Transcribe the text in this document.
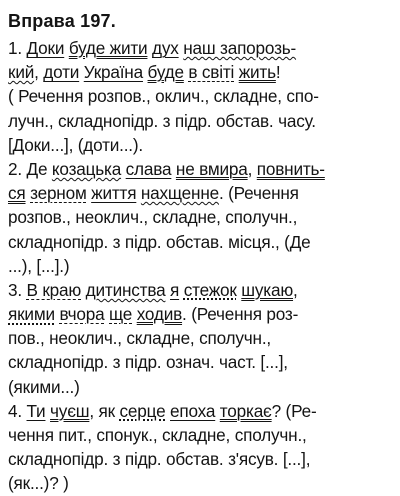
Вправа 197.
1. Доки буде жити дух наш запорозь-
кий, доти Україна буде в світі жить!
( Речення розпов., оклич., складне, спо-
лучн., складнопідр. з підр. обстав. часу.
[Доки...], (доти...).
2. Де козацька слава не вмира, повнить-
ся зерном життя нахщенне. (Речення
розпов., неоклич., складне, сполучн.,
складнопідр. з підр. обстав. місця., (Де
...), [...].)
3. В краю дитинства я стежок шукаю,
якими вчора ще ходив. (Речення роз-
пов., неоклич., складне, сполучн.,
складнопідр. з підр. означ. част. [...],
(якими...)
4. Ти чуєш, як серце епоха торкає? (Ре-
чення пит., спонук., складне, сполучн.,
складнопідр. з підр. обстав. з'ясув. [...],
(як...)? )
